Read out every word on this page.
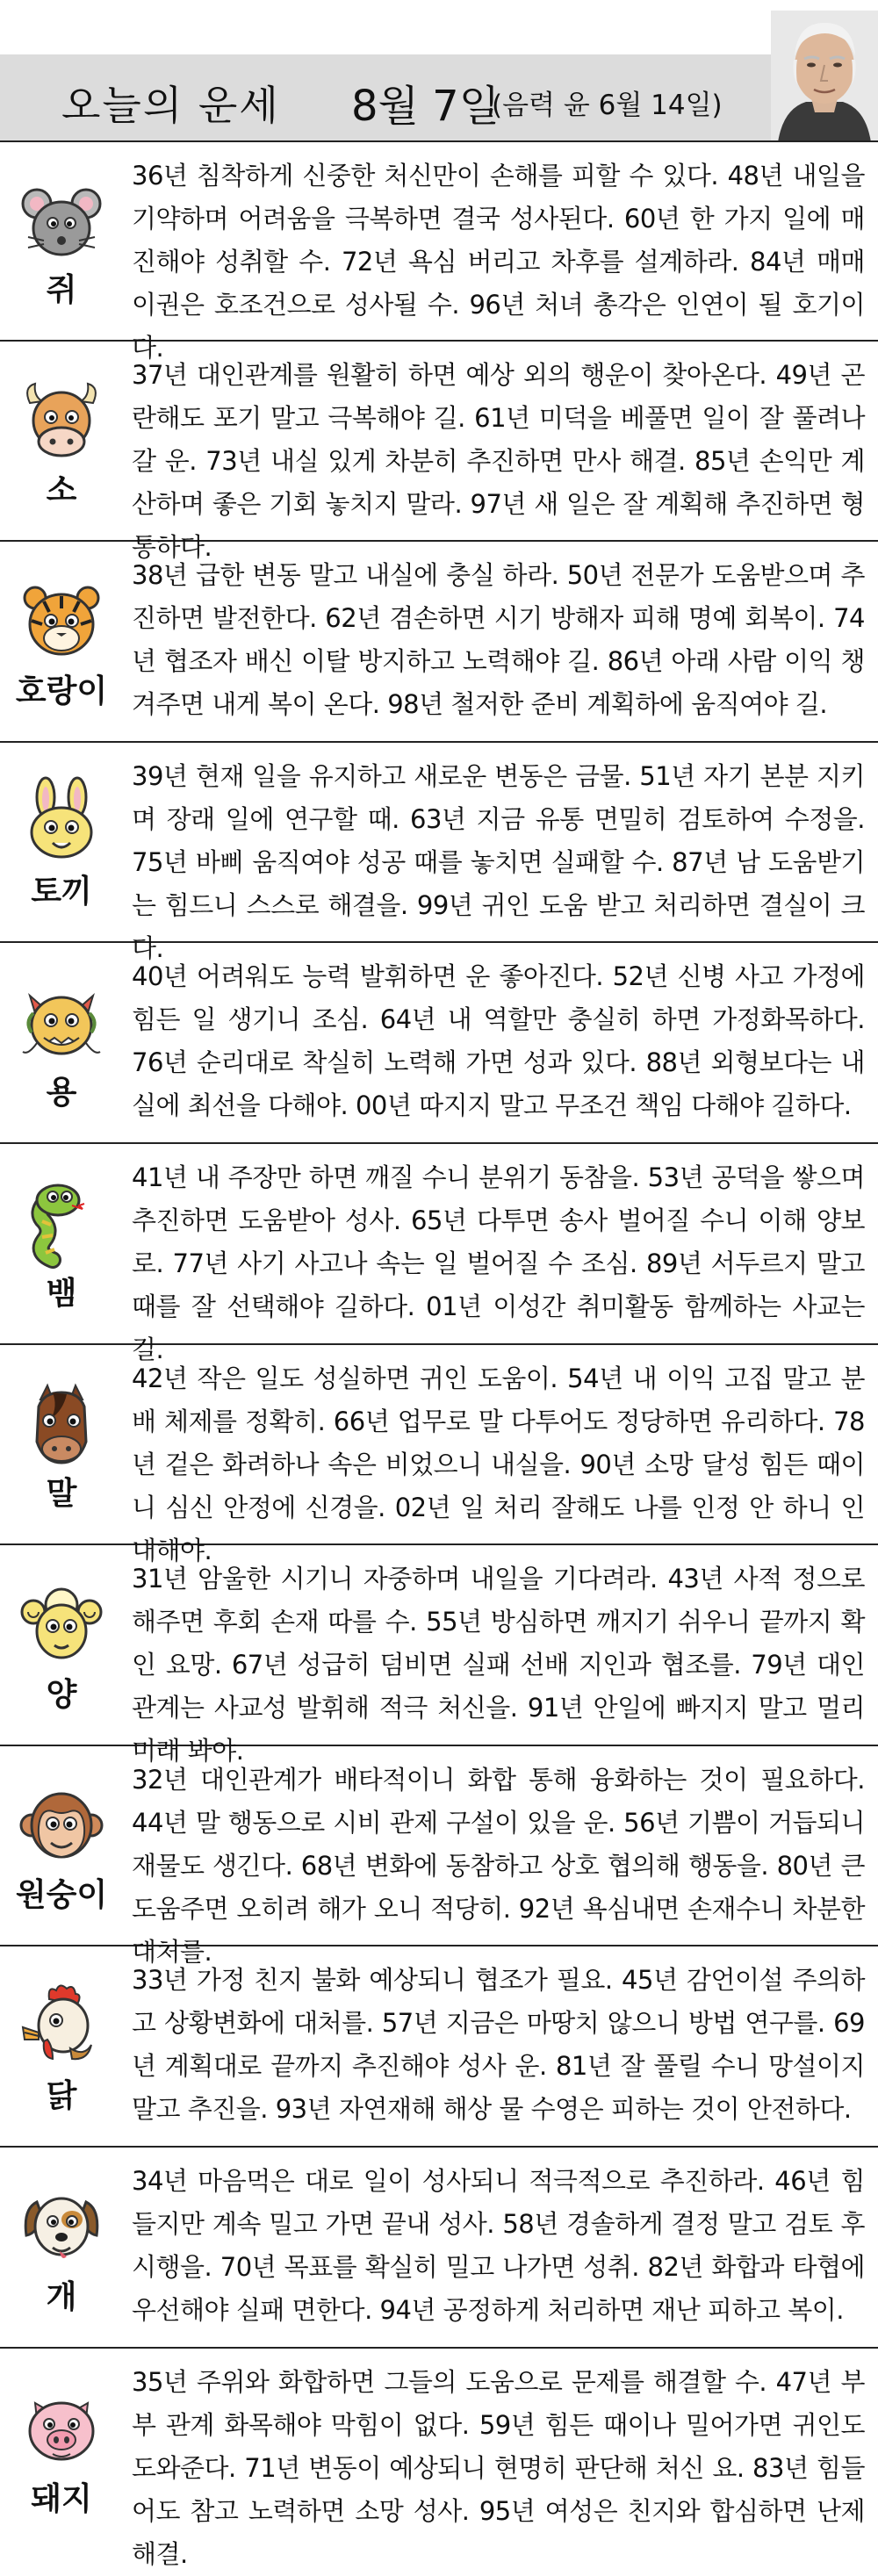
오늘의 운세 8월 7일
(음력 윤 6월 14일)
쥐
36년 침착하게 신중한 처신만이 손해를 피할 수 있다. 48년 내일을 기약하며 어려움을 극복하면 결국 성사된다. 60년 한 가지 일에 매진해야 성취할 수. 72년 욕심 버리고 차후를 설계하라. 84년 매매 이권은 호조건으로 성사될 수. 96년 처녀 총각은 인연이 될 호기이다.
소
37년 대인관계를 원활히 하면 예상 외의 행운이 찾아온다. 49년 곤란해도 포기 말고 극복해야 길. 61년 미덕을 베풀면 일이 잘 풀려나갈 운. 73년 내실 있게 차분히 추진하면 만사 해결. 85년 손익만 계산하며 좋은 기회 놓치지 말라. 97년 새 일은 잘 계획해 추진하면 형통하다.
호랑이
38년 급한 변동 말고 내실에 충실 하라. 50년 전문가 도움받으며 추진하면 발전한다. 62년 겸손하면 시기 방해자 피해 명예 회복이. 74년 협조자 배신 이탈 방지하고 노력해야 길. 86년 아래 사람 이익 챙겨주면 내게 복이 온다. 98년 철저한 준비 계획하에 움직여야 길.
토끼
39년 현재 일을 유지하고 새로운 변동은 금물. 51년 자기 본분 지키며 장래 일에 연구할 때. 63년 지금 유통 면밀히 검토하여 수정을. 75년 바삐 움직여야 성공 때를 놓치면 실패할 수. 87년 남 도움받기는 힘드니 스스로 해결을. 99년 귀인 도움 받고 처리하면 결실이 크다.
용
40년 어려워도 능력 발휘하면 운 좋아진다. 52년 신병 사고 가정에 힘든 일 생기니 조심. 64년 내 역할만 충실히 하면 가정화목하다. 76년 순리대로 착실히 노력해 가면 성과 있다. 88년 외형보다는 내실에 최선을 다해야. 00년 따지지 말고 무조건 책임 다해야 길하다.
뱀
41년 내 주장만 하면 깨질 수니 분위기 동참을. 53년 공덕을 쌓으며 추진하면 도움받아 성사. 65년 다투면 송사 벌어질 수니 이해 양보로. 77년 사기 사고나 속는 일 벌어질 수 조심. 89년 서두르지 말고 때를 잘 선택해야 길하다. 01년 이성간 취미활동 함께하는 사교는 길.
말
42년 작은 일도 성실하면 귀인 도움이. 54년 내 이익 고집 말고 분배 체제를 정확히. 66년 업무로 말 다투어도 정당하면 유리하다. 78년 겉은 화려하나 속은 비었으니 내실을. 90년 소망 달성 힘든 때이니 심신 안정에 신경을. 02년 일 처리 잘해도 나를 인정 안 하니 인내해야.
양
31년 암울한 시기니 자중하며 내일을 기다려라. 43년 사적 정으로 해주면 후회 손재 따를 수. 55년 방심하면 깨지기 쉬우니 끝까지 확인 요망. 67년 성급히 덤비면 실패 선배 지인과 협조를. 79년 대인관계는 사교성 발휘해 적극 처신을. 91년 안일에 빠지지 말고 멀리 미래 봐야.
원숭이
32년 대인관계가 배타적이니 화합 통해 융화하는 것이 필요하다. 44년 말 행동으로 시비 관제 구설이 있을 운. 56년 기쁨이 거듭되니 재물도 생긴다. 68년 변화에 동참하고 상호 협의해 행동을. 80년 큰 도움주면 오히려 해가 오니 적당히. 92년 욕심내면 손재수니 차분한 대처를.
닭
33년 가정 친지 불화 예상되니 협조가 필요. 45년 감언이설 주의하고 상황변화에 대처를. 57년 지금은 마땅치 않으니 방법 연구를. 69년 계획대로 끝까지 추진해야 성사 운. 81년 잘 풀릴 수니 망설이지 말고 추진을. 93년 자연재해 해상 물 수영은 피하는 것이 안전하다.
개
34년 마음먹은 대로 일이 성사되니 적극적으로 추진하라. 46년 힘들지만 계속 밀고 가면 끝내 성사. 58년 경솔하게 결정 말고 검토 후 시행을. 70년 목표를 확실히 밀고 나가면 성취. 82년 화합과 타협에 우선해야 실패 면한다. 94년 공정하게 처리하면 재난 피하고 복이.
돼지
35년 주위와 화합하면 그들의 도움으로 문제를 해결할 수. 47년 부부 관계 화목해야 막힘이 없다. 59년 힘든 때이나 밀어가면 귀인도 도와준다. 71년 변동이 예상되니 현명히 판단해 처신 요. 83년 힘들어도 참고 노력하면 소망 성사. 95년 여성은 친지와 합심하면 난제 해결.
